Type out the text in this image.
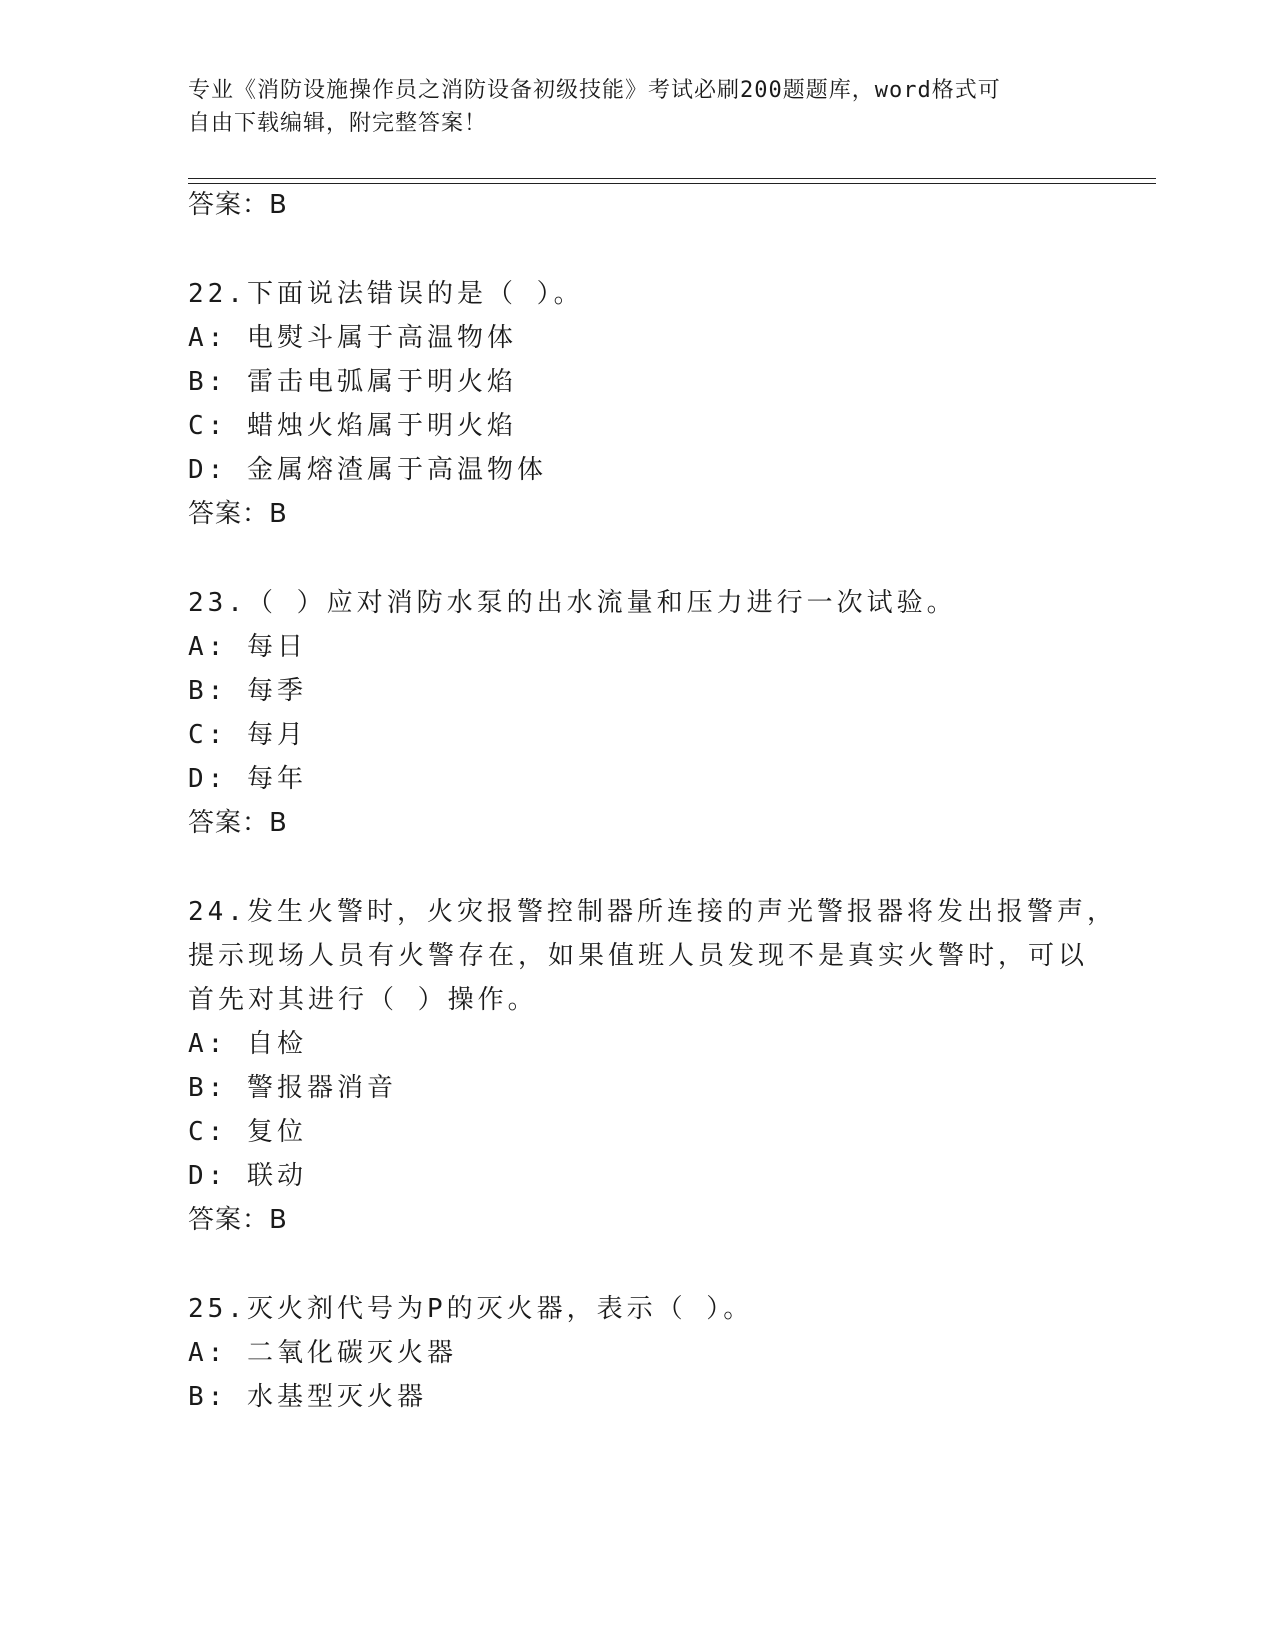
专业《消防设施操作员之消防设备初级技能》考试必刷200题题库，word格式可
自由下载编辑，附完整答案！
答案：B
22.下面说法错误的是（ ）。
A: 电熨斗属于高温物体
B: 雷击电弧属于明火焰
C: 蜡烛火焰属于明火焰
D: 金属熔渣属于高温物体
答案：B
23.（ ）应对消防水泵的出水流量和压力进行一次试验。
A: 每日
B: 每季
C: 每月
D: 每年
答案：B
24.发生火警时，火灾报警控制器所连接的声光警报器将发出报警声，
提示现场人员有火警存在，如果值班人员发现不是真实火警时，可以
首先对其进行（ ）操作。
A: 自检
B: 警报器消音
C: 复位
D: 联动
答案：B
25.灭火剂代号为P的灭火器，表示（ ）。
A: 二氧化碳灭火器
B: 水基型灭火器
